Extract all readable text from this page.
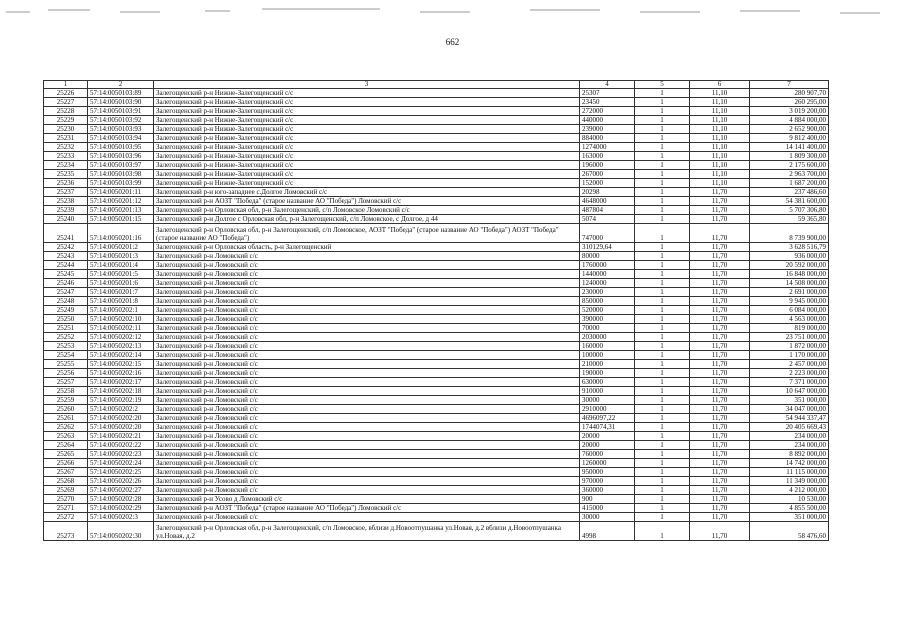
662
1	2	3	4	5	6	7
25226	57:14:0050103:89	Залегощенский р-н Нижне-Залегощенский с/с	25307	1	11,10	280 907,70
25227	57:14:0050103:90	Залегощенский р-н Нижне-Залегощенский с/с	23450	1	11,10	260 295,00
25228	57:14:0050103:91	Залегощенский р-н Нижне-Залегощенский с/с	272000	1	11,10	3 019 200,00
25229	57:14:0050103:92	Залегощенский р-н Нижне-Залегощенский с/с	440000	1	11,10	4 884 000,00
25230	57:14:0050103:93	Залегощенский р-н Нижне-Залегощенский с/с	239000	1	11,10	2 652 900,00
25231	57:14:0050103:94	Залегощенский р-н Нижне-Залегощенский с/с	884000	1	11,10	9 812 400,00
25232	57:14:0050103:95	Залегощенский р-н Нижне-Залегощенский с/с	1274000	1	11,10	14 141 400,00
25233	57:14:0050103:96	Залегощенский р-н Нижне-Залегощенский с/с	163000	1	11,10	1 809 300,00
25234	57:14:0050103:97	Залегощенский р-н Нижне-Залегощенский с/с	196000	1	11,10	2 175 600,00
25235	57:14:0050103:98	Залегощенский р-н Нижне-Залегощенский с/с	267000	1	11,10	2 963 700,00
25236	57:14:0050103:99	Залегощенский р-н Нижне-Залегощенский с/с	152000	1	11,10	1 687 200,00
25237	57:14:0050201:11	Залегощенский р-н юго-западнее с.Долгое Ломовский с/с	20298	1	11,70	237 486,60
25238	57:14:0050201:12	Залегощенский р-н АОЗТ "Победа" (старое название АО "Победа") Ломовский с/с	4648000	1	11,70	54 381 600,00
25239	57:14:0050201:13	Залегощенский р-н Орловская обл, р-н Залегощенский, с/п Ломовское Ломовский с/с	487804	1	11,70	5 707 306,80
25240	57:14:0050201:15	Залегощенский р-н Долгое с Орловская обл, р-н Залегощенский, с/п Ломовское, с Долгое, д 44	5074	1	11,70	59 365,80
25241	57:14:0050201:16	Залегощенский р-н Орловская обл, р-н Залегощенский, с/п Ломовское, АОЗТ "Победа" (старое название АО "Победа") АОЗТ "Победа" (старое название АО "Победа")	747000	1	11,70	8 739 900,00
25242	57:14:0050201:2	Залегощенский р-н Орловская область, р-н Залегощенский	310129,64	1	11,70	3 628 516,79
25243	57:14:0050201:3	Залегощенский р-н Ломовский с/с	80000	1	11,70	936 000,00
25244	57:14:0050201:4	Залегощенский р-н Ломовский с/с	1760000	1	11,70	20 592 000,00
25245	57:14:0050201:5	Залегощенский р-н Ломовский с/с	1440000	1	11,70	16 848 000,00
25246	57:14:0050201:6	Залегощенский р-н Ломовский с/с	1240000	1	11,70	14 508 000,00
25247	57:14:0050201:7	Залегощенский р-н Ломовский с/с	230000	1	11,70	2 691 000,00
25248	57:14:0050201:8	Залегощенский р-н Ломовский с/с	850000	1	11,70	9 945 000,00
25249	57:14:0050202:1	Залегощенский р-н Ломовский с/с	520000	1	11,70	6 084 000,00
25250	57:14:0050202:10	Залегощенский р-н Ломовский с/с	390000	1	11,70	4 563 000,00
25251	57:14:0050202:11	Залегощенский р-н Ломовский с/с	70000	1	11,70	819 000,00
25252	57:14:0050202:12	Залегощенский р-н Ломовский с/с	2030000	1	11,70	23 751 000,00
25253	57:14:0050202:13	Залегощенский р-н Ломовский с/с	160000	1	11,70	1 872 000,00
25254	57:14:0050202:14	Залегощенский р-н Ломовский с/с	100000	1	11,70	1 170 000,00
25255	57:14:0050202:15	Залегощенский р-н Ломовский с/с	210000	1	11,70	2 457 000,00
25256	57:14:0050202:16	Залегощенский р-н Ломовский с/с	190000	1	11,70	2 223 000,00
25257	57:14:0050202:17	Залегощенский р-н Ломовский с/с	630000	1	11,70	7 371 000,00
25258	57:14:0050202:18	Залегощенский р-н Ломовский с/с	910000	1	11,70	10 647 000,00
25259	57:14:0050202:19	Залегощенский р-н Ломовский с/с	30000	1	11,70	351 000,00
25260	57:14:0050202:2	Залегощенский р-н Ломовский с/с	2910000	1	11,70	34 047 000,00
25261	57:14:0050202:20	Залегощенский р-н Ломовский с/с	4696097,22	1	11,70	54 944 337,47
25262	57:14:0050202:20	Залегощенский р-н Ломовский с/с	1744074,31	1	11,70	20 405 669,43
25263	57:14:0050202:21	Залегощенский р-н Ломовский с/с	20000	1	11,70	234 000,00
25264	57:14:0050202:22	Залегощенский р-н Ломовский с/с	20000	1	11,70	234 000,00
25265	57:14:0050202:23	Залегощенский р-н Ломовский с/с	760000	1	11,70	8 892 000,00
25266	57:14:0050202:24	Залегощенский р-н Ломовский с/с	1260000	1	11,70	14 742 000,00
25267	57:14:0050202:25	Залегощенский р-н Ломовский с/с	950000	1	11,70	11 115 000,00
25268	57:14:0050202:26	Залегощенский р-н Ломовский с/с	970000	1	11,70	11 349 000,00
25269	57:14:0050202:27	Залегощенский р-н Ломовский с/с	360000	1	11,70	4 212 000,00
25270	57:14:0050202:28	Залегощенский р-н Усово д Ломовский с/с	900	1	11,70	10 530,00
25271	57:14:0050202:29	Залегощенский р-н АОЗТ "Победа" (старое название АО "Победа") Ломовский с/с	415000	1	11,70	4 855 500,00
25272	57:14:0050202:3	Залегощенский р-н Ломовский с/с	30000	1	11,70	351 000,00
25273	57:14:0050202:30	Залегощенский р-н Орловская обл, р-н Залегощенский, с/п Ломовское, вблизи д.Новоотпушанка ул.Новая, д.2 вблизи д.Новоотпушанка ул.Новая, д.2	4998	1	11,70	58 476,60
